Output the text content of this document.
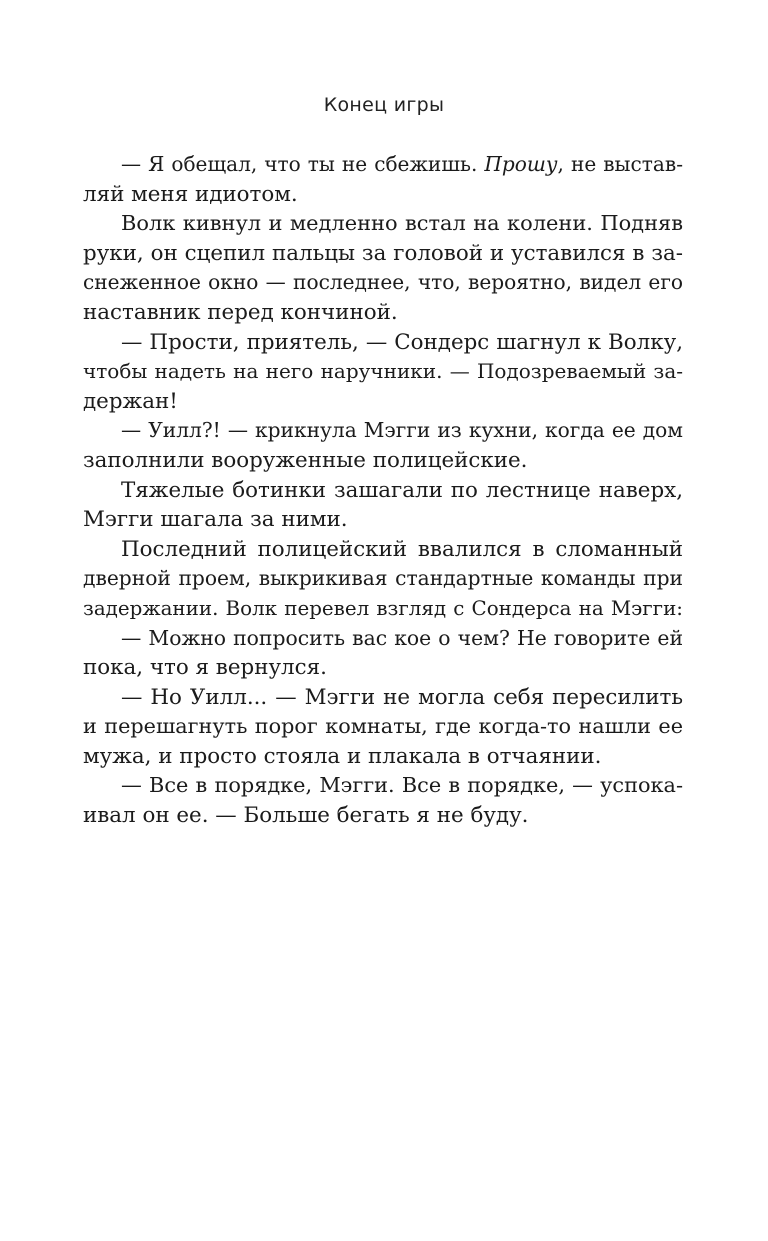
Конец игры

— Я обещал, что ты не сбежишь. Прошу, не выстав-
ляй меня идиотом.
Волк кивнул и медленно встал на колени. Подняв
руки, он сцепил пальцы за головой и уставился в за-
снеженное окно — последнее, что, вероятно, видел его
наставник перед кончиной.
— Прости, приятель, — Сондерс шагнул к Волку,
чтобы надеть на него наручники. — Подозреваемый за-
держан!
— Уилл?! — крикнула Мэгги из кухни, когда ее дом
заполнили вооруженные полицейские.
Тяжелые ботинки зашагали по лестнице наверх,
Мэгги шагала за ними.
Последний полицейский ввалился в сломанный
дверной проем, выкрикивая стандартные команды при
задержании. Волк перевел взгляд с Сондерса на Мэгги:
— Можно попросить вас кое о чем? Не говорите ей
пока, что я вернулся.
— Но Уилл... — Мэгги не могла себя пересилить
и перешагнуть порог комнаты, где когда-то нашли ее
мужа, и просто стояла и плакала в отчаянии.
— Все в порядке, Мэгги. Все в порядке, — успока-
ивал он ее. — Больше бегать я не буду.
